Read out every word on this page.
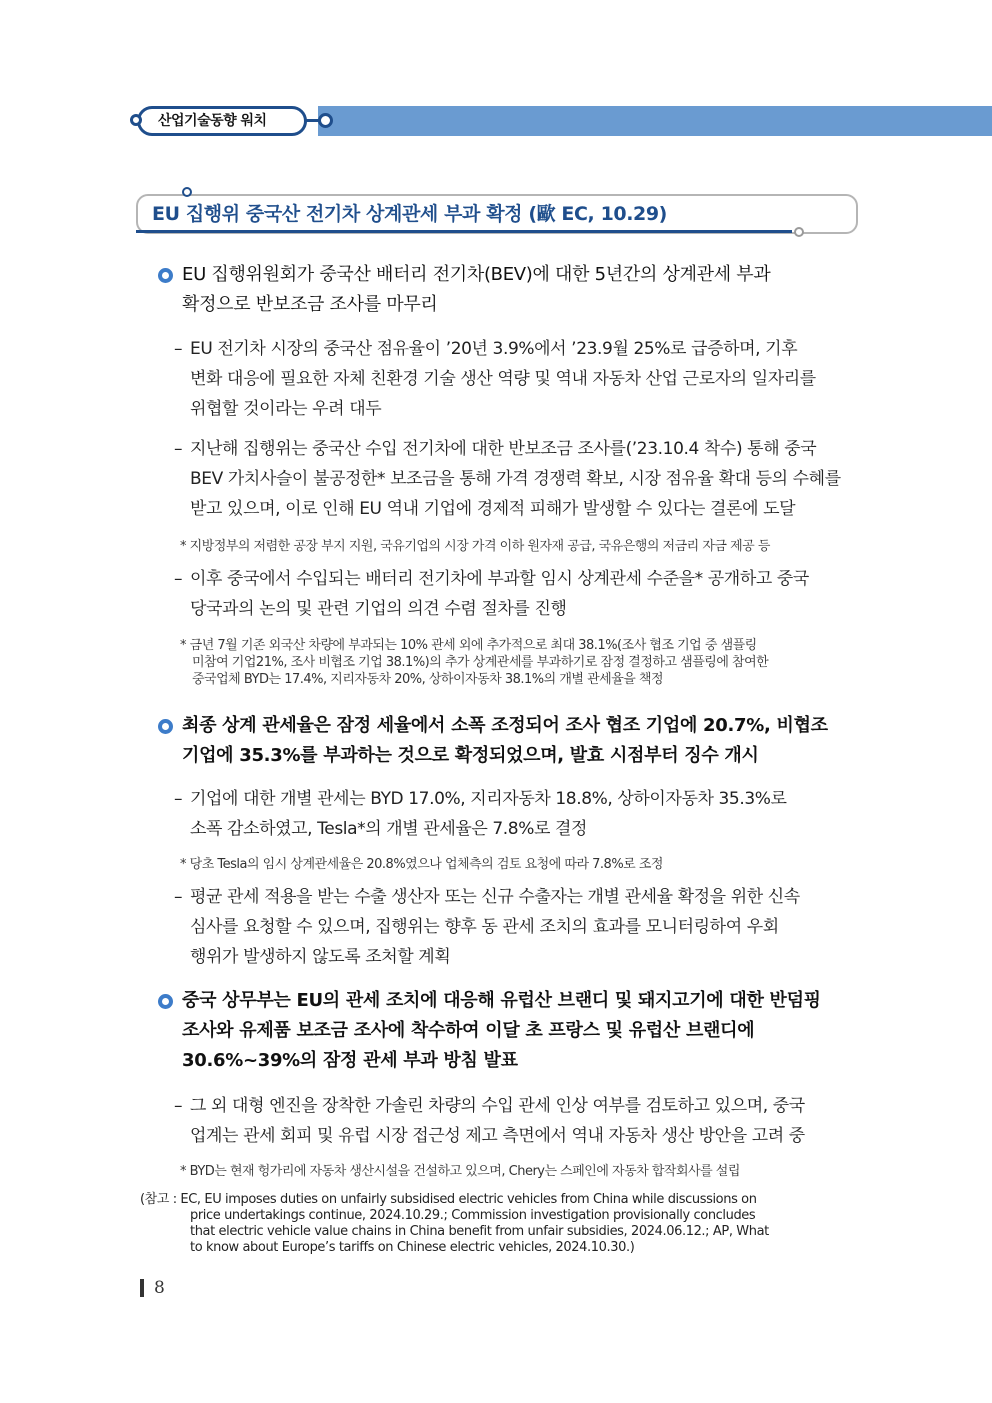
산업기술동향 워치
EU 집행위 중국산 전기차 상계관세 부과 확정 (歐 EC, 10.29)
EU 집행위원회가 중국산 배터리 전기차(BEV)에 대한 5년간의 상계관세 부과
확정으로 반보조금 조사를 마무리
– EU 전기차 시장의 중국산 점유율이 ’20년 3.9%에서 ’23.9월 25%로 급증하며, 기후
변화 대응에 필요한 자체 친환경 기술 생산 역량 및 역내 자동차 산업 근로자의 일자리를
위협할 것이라는 우려 대두
– 지난해 집행위는 중국산 수입 전기차에 대한 반보조금 조사를(’23.10.4 착수) 통해 중국
BEV 가치사슬이 불공정한* 보조금을 통해 가격 경쟁력 확보, 시장 점유율 확대 등의 수혜를
받고 있으며, 이로 인해 EU 역내 기업에 경제적 피해가 발생할 수 있다는 결론에 도달
* 지방정부의 저렴한 공장 부지 지원, 국유기업의 시장 가격 이하 원자재 공급, 국유은행의 저금리 자금 제공 등
– 이후 중국에서 수입되는 배터리 전기차에 부과할 임시 상계관세 수준을* 공개하고 중국
당국과의 논의 및 관련 기업의 의견 수렴 절차를 진행
* 금년 7월 기존 외국산 차량에 부과되는 10% 관세 외에 추가적으로 최대 38.1%(조사 협조 기업 중 샘플링
미참여 기업21%, 조사 비협조 기업 38.1%)의 추가 상계관세를 부과하기로 잠정 결정하고 샘플링에 참여한
중국업체 BYD는 17.4%, 지리자동차 20%, 상하이자동차 38.1%의 개별 관세율을 책정
최종 상계 관세율은 잠정 세율에서 소폭 조정되어 조사 협조 기업에 20.7%, 비협조
기업에 35.3%를 부과하는 것으로 확정되었으며, 발효 시점부터 징수 개시
– 기업에 대한 개별 관세는 BYD 17.0%, 지리자동차 18.8%, 상하이자동차 35.3%로
소폭 감소하였고, Tesla*의 개별 관세율은 7.8%로 결정
* 당초 Tesla의 임시 상계관세율은 20.8%였으나 업체측의 검토 요청에 따라 7.8%로 조정
– 평균 관세 적용을 받는 수출 생산자 또는 신규 수출자는 개별 관세율 확정을 위한 신속
심사를 요청할 수 있으며, 집행위는 향후 동 관세 조치의 효과를 모니터링하여 우회
행위가 발생하지 않도록 조처할 계획
중국 상무부는 EU의 관세 조치에 대응해 유럽산 브랜디 및 돼지고기에 대한 반덤핑
조사와 유제품 보조금 조사에 착수하여 이달 초 프랑스 및 유럽산 브랜디에
30.6%~39%의 잠정 관세 부과 방침 발표
– 그 외 대형 엔진을 장착한 가솔린 차량의 수입 관세 인상 여부를 검토하고 있으며, 중국
업계는 관세 회피 및 유럽 시장 접근성 제고 측면에서 역내 자동차 생산 방안을 고려 중
* BYD는 현재 헝가리에 자동차 생산시설을 건설하고 있으며, Chery는 스페인에 자동차 합작회사를 설립
(참고 : EC, EU imposes duties on unfairly subsidised electric vehicles from China while discussions on
price undertakings continue, 2024.10.29.; Commission investigation provisionally concludes
that electric vehicle value chains in China benefit from unfair subsidies, 2024.06.12.; AP, What
to know about Europe’s tariffs on Chinese electric vehicles, 2024.10.30.)
8
